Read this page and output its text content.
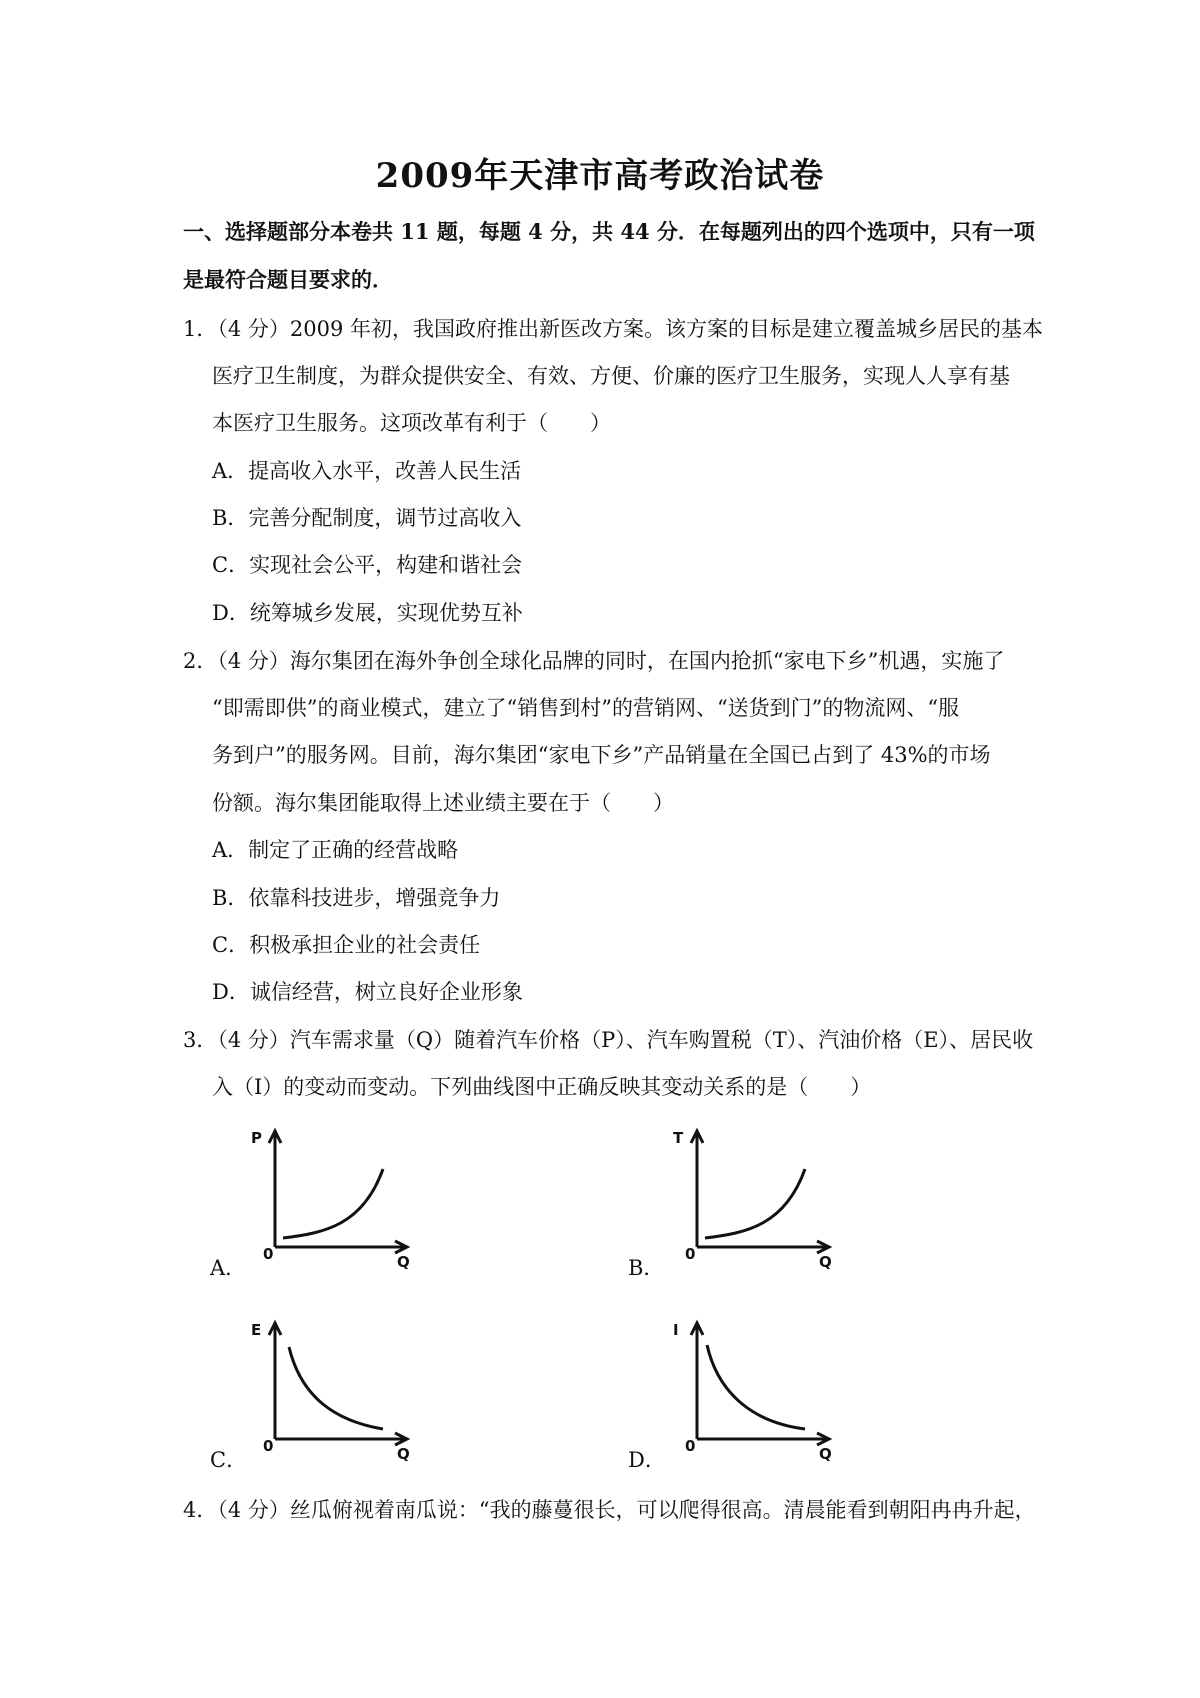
2009年天津市高考政治试卷
一、选择题部分本卷共 11 题，每题 4 分，共 44 分．在每题列出的四个选项中，只有一项
是最符合题目要求的．
1．（4 分）2009 年初，我国政府推出新医改方案。该方案的目标是建立覆盖城乡居民的基本
医疗卫生制度，为群众提供安全、有效、方便、价廉的医疗卫生服务，实现人人享有基
本医疗卫生服务。这项改革有利于（　　）
A．提高收入水平，改善人民生活
B．完善分配制度，调节过高收入
C．实现社会公平，构建和谐社会
D．统筹城乡发展，实现优势互补
2．（4 分）海尔集团在海外争创全球化品牌的同时，在国内抢抓“家电下乡”机遇，实施了
“即需即供”的商业模式，建立了“销售到村”的营销网、“送货到门”的物流网、“服
务到户”的服务网。目前，海尔集团“家电下乡”产品销量在全国已占到了 43%的市场
份额。海尔集团能取得上述业绩主要在于（　　）
A．制定了正确的经营战略
B．依靠科技进步，增强竞争力
C．积极承担企业的社会责任
D．诚信经营，树立良好企业形象
3．（4 分）汽车需求量（Q）随着汽车价格（P）、汽车购置税（T）、汽油价格（E）、居民收
入（I）的变动而变动。下列曲线图中正确反映其变动关系的是（　　）
A．
P
0	Q	B．
T
0	Q
C．
E
0	Q	D．
I
0	Q
4．（4 分）丝瓜俯视着南瓜说：“我的藤蔓很长，可以爬得很高。清晨能看到朝阳冉冉升起，
